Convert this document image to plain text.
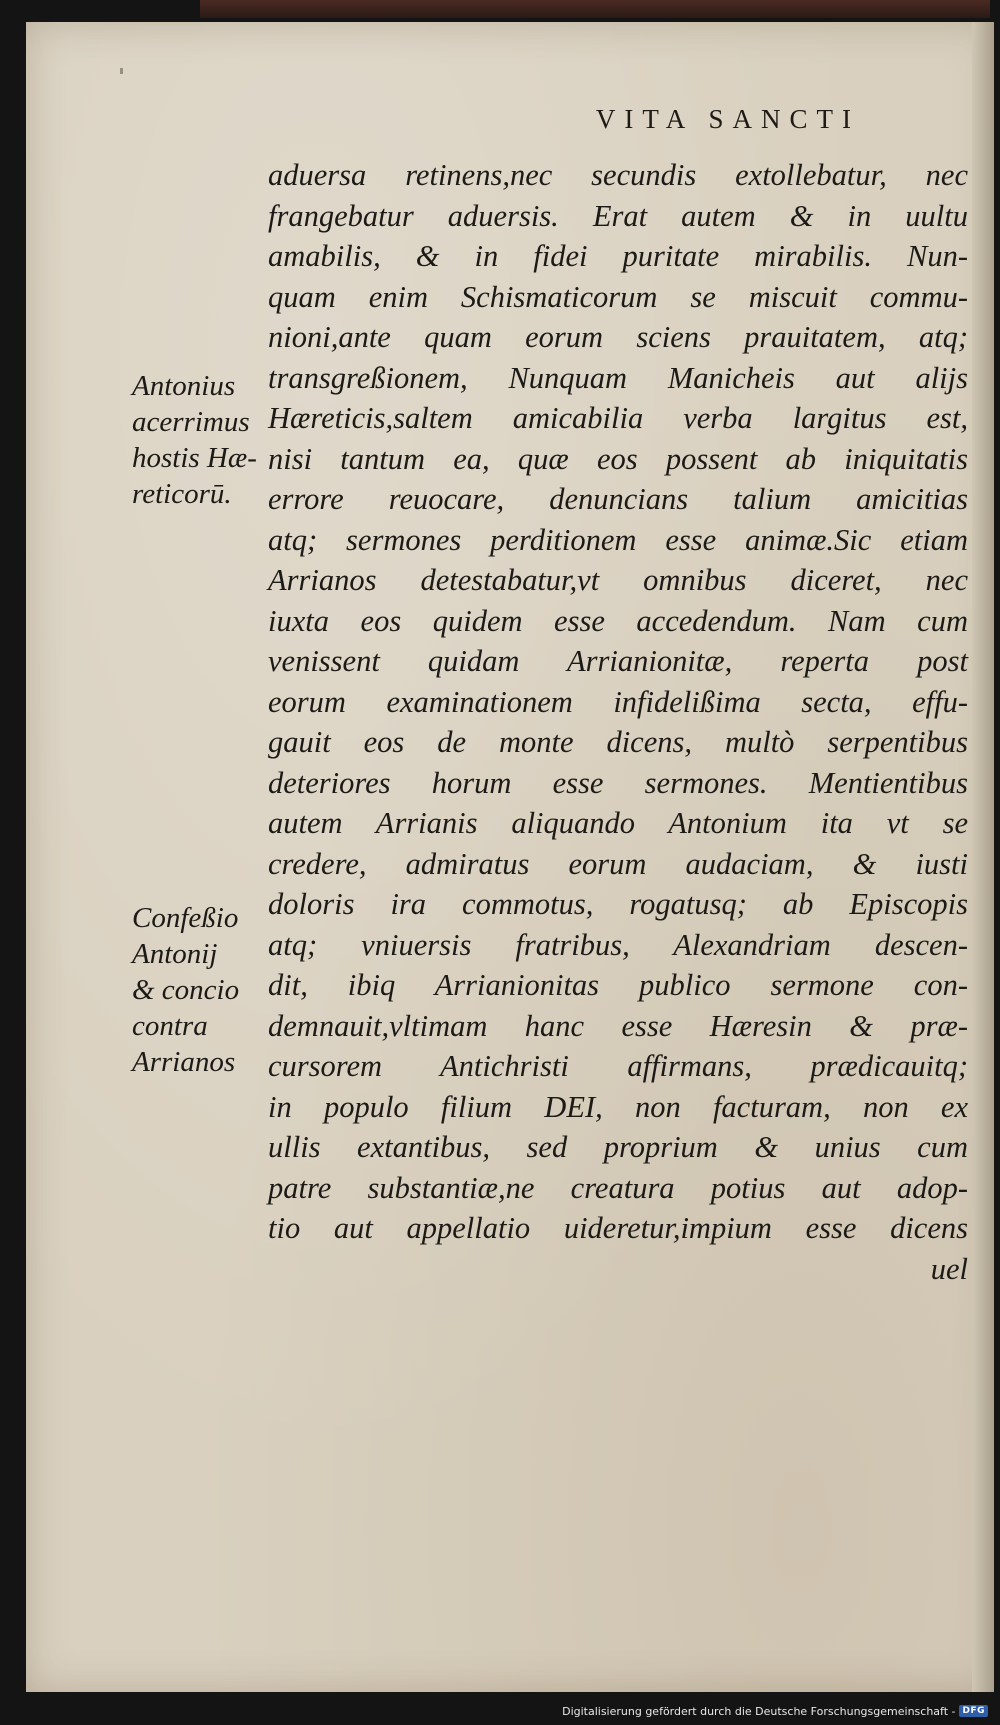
VITA SANCTI
aduersa retinens,nec secundis extollebatur, nec
frangebatur aduersis. Erat autem & in uultu
amabilis, & in fidei puritate mirabilis. Nun-
quam enim Schismaticorum se miscuit commu-
nioni,ante quam eorum sciens prauitatem, atq;
transgreßionem, Nunquam Manicheis aut alijs
Hæreticis,saltem amicabilia verba largitus est,
nisi tantum ea, quæ eos possent ab iniquitatis
errore reuocare, denuncians talium amicitias
atq; sermones perditionem esse animæ.Sic etiam
Arrianos detestabatur,vt omnibus diceret, nec
iuxta eos quidem esse accedendum. Nam cum
venissent quidam Arrianionitæ, reperta post
eorum examinationem infidelißima secta, effu-
gauit eos de monte dicens, multò serpentibus
deteriores horum esse sermones. Mentientibus
autem Arrianis aliquando Antonium ita vt se
credere, admiratus eorum audaciam, & iusti
doloris ira commotus, rogatusq; ab Episcopis
atq; vniuersis fratribus, Alexandriam descen-
dit, ibiq Arrianionitas publico sermone con-
demnauit,vltimam hanc esse Hæresin & præ-
cursorem Antichristi affirmans, prædicauitq;
in populo filium DEI, non facturam, non ex
ullis extantibus, sed proprium & unius cum
patre substantiæ,ne creatura potius aut adop-
tio aut appellatio uideretur,impium esse dicens
uel
Antonius
acerrimus
hostis Hæ-
reticorū.
Confeßio
Antonij
& concio
contra
Arrianos
Digitalisierung gefördert durch die Deutsche Forschungsgemeinschaft - DFG
